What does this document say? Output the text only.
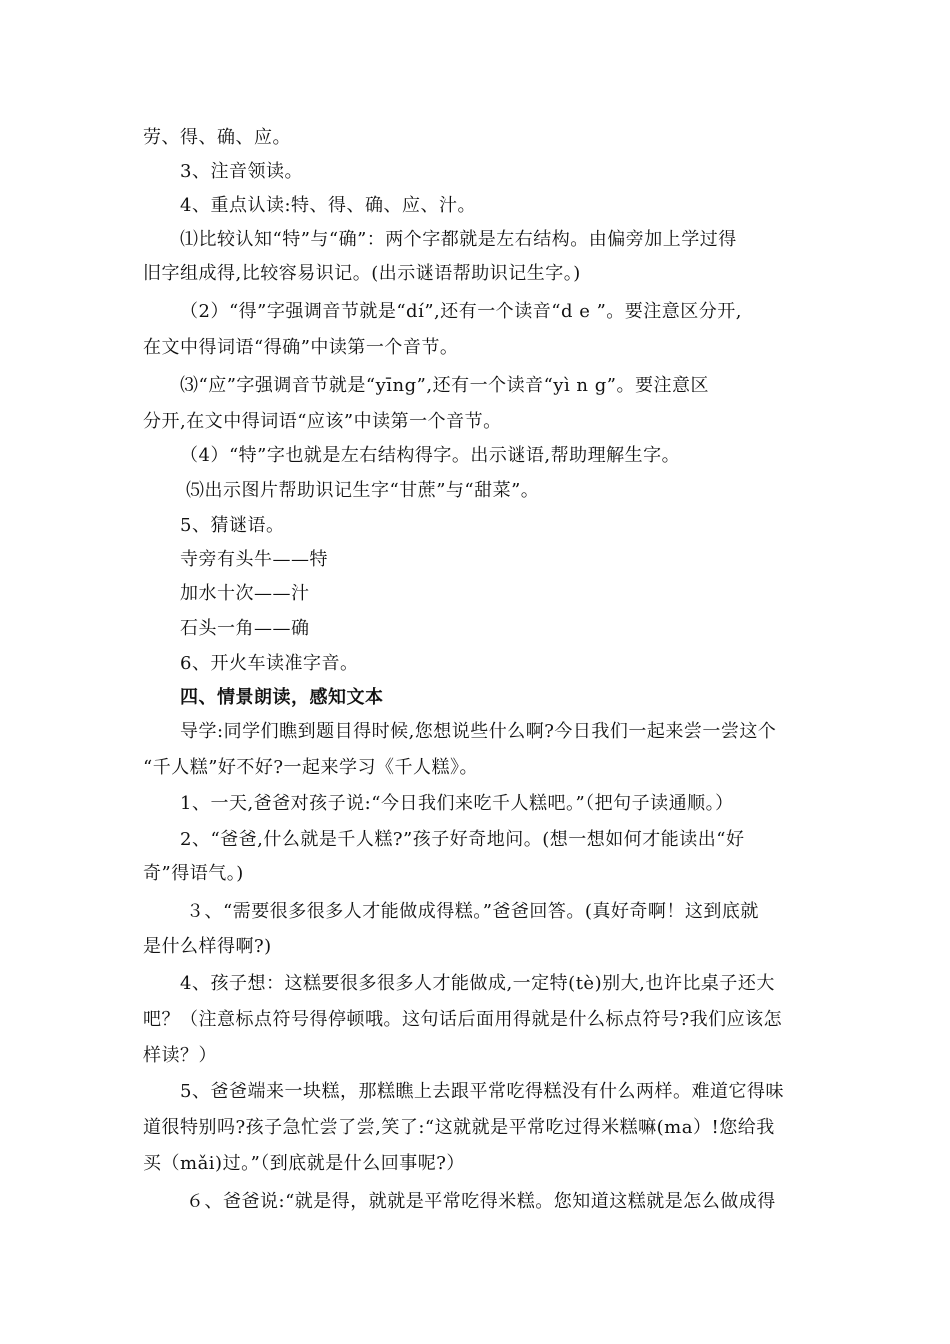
劳、得、确、应。
3、注音领读。
4、重点认读:特、得、确、应、汁。
⑴比较认知“特”与“确”：两个字都就是左右结构。由偏旁加上学过得
旧字组成得,比较容易识记。(出示谜语帮助识记生字。)
（2）“得”字强调音节就是“dí”,还有一个读音“d e ”。要注意区分开,
在文中得词语“得确”中读第一个音节。
⑶“应”字强调音节就是“yīng”,还有一个读音“yì n g”。要注意区
分开,在文中得词语“应该”中读第一个音节。
（4）“特”字也就是左右结构得字。出示谜语,帮助理解生字。
⑸出示图片帮助识记生字“甘蔗”与“甜菜”。
5、猜谜语。
寺旁有头牛——特
加水十次——汁
石头一角——确
6、开火车读准字音。
四、情景朗读，感知文本
导学:同学们瞧到题目得时候,您想说些什么啊?今日我们一起来尝一尝这个
“千人糕”好不好?一起来学习《千人糕》。
1、一天,爸爸对孩子说:“今日我们来吃千人糕吧。”（把句子读通顺。）
2、“爸爸,什么就是千人糕?”孩子好奇地问。(想一想如何才能读出“好
奇”得语气。)
３、“需要很多很多人才能做成得糕。”爸爸回答。(真好奇啊！这到底就
是什么样得啊?)
4、孩子想：这糕要很多很多人才能做成,一定特(tè)别大,也许比桌子还大
吧？（注意标点符号得停顿哦。这句话后面用得就是什么标点符号?我们应该怎
样读？）
5、爸爸端来一块糕，那糕瞧上去跟平常吃得糕没有什么两样。难道它得味
道很特别吗?孩子急忙尝了尝,笑了:“这就就是平常吃过得米糕嘛(ma）!您给我
买（mǎi)过。”（到底就是什么回事呢?）
６、爸爸说:“就是得，就就是平常吃得米糕。您知道这糕就是怎么做成得
